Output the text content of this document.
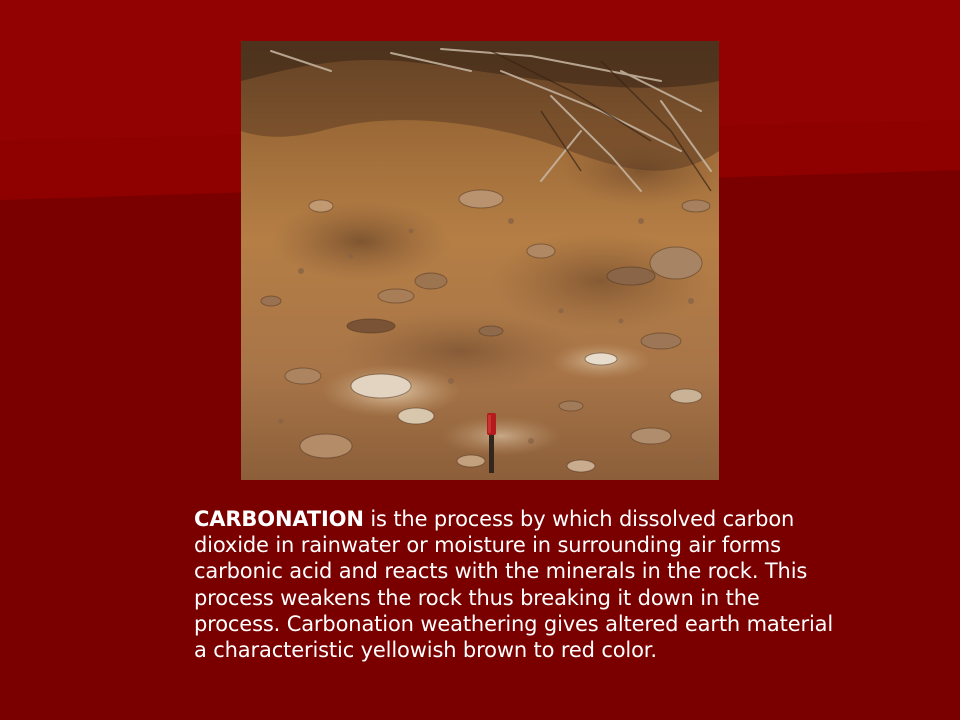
CARBONATION is the process by which dissolved carbon dioxide in rainwater or moisture in surrounding air forms carbonic acid and reacts with the minerals in the rock. This process weakens the rock thus breaking it down in the process. Carbonation weathering gives altered earth material a characteristic yellowish brown to red color.
